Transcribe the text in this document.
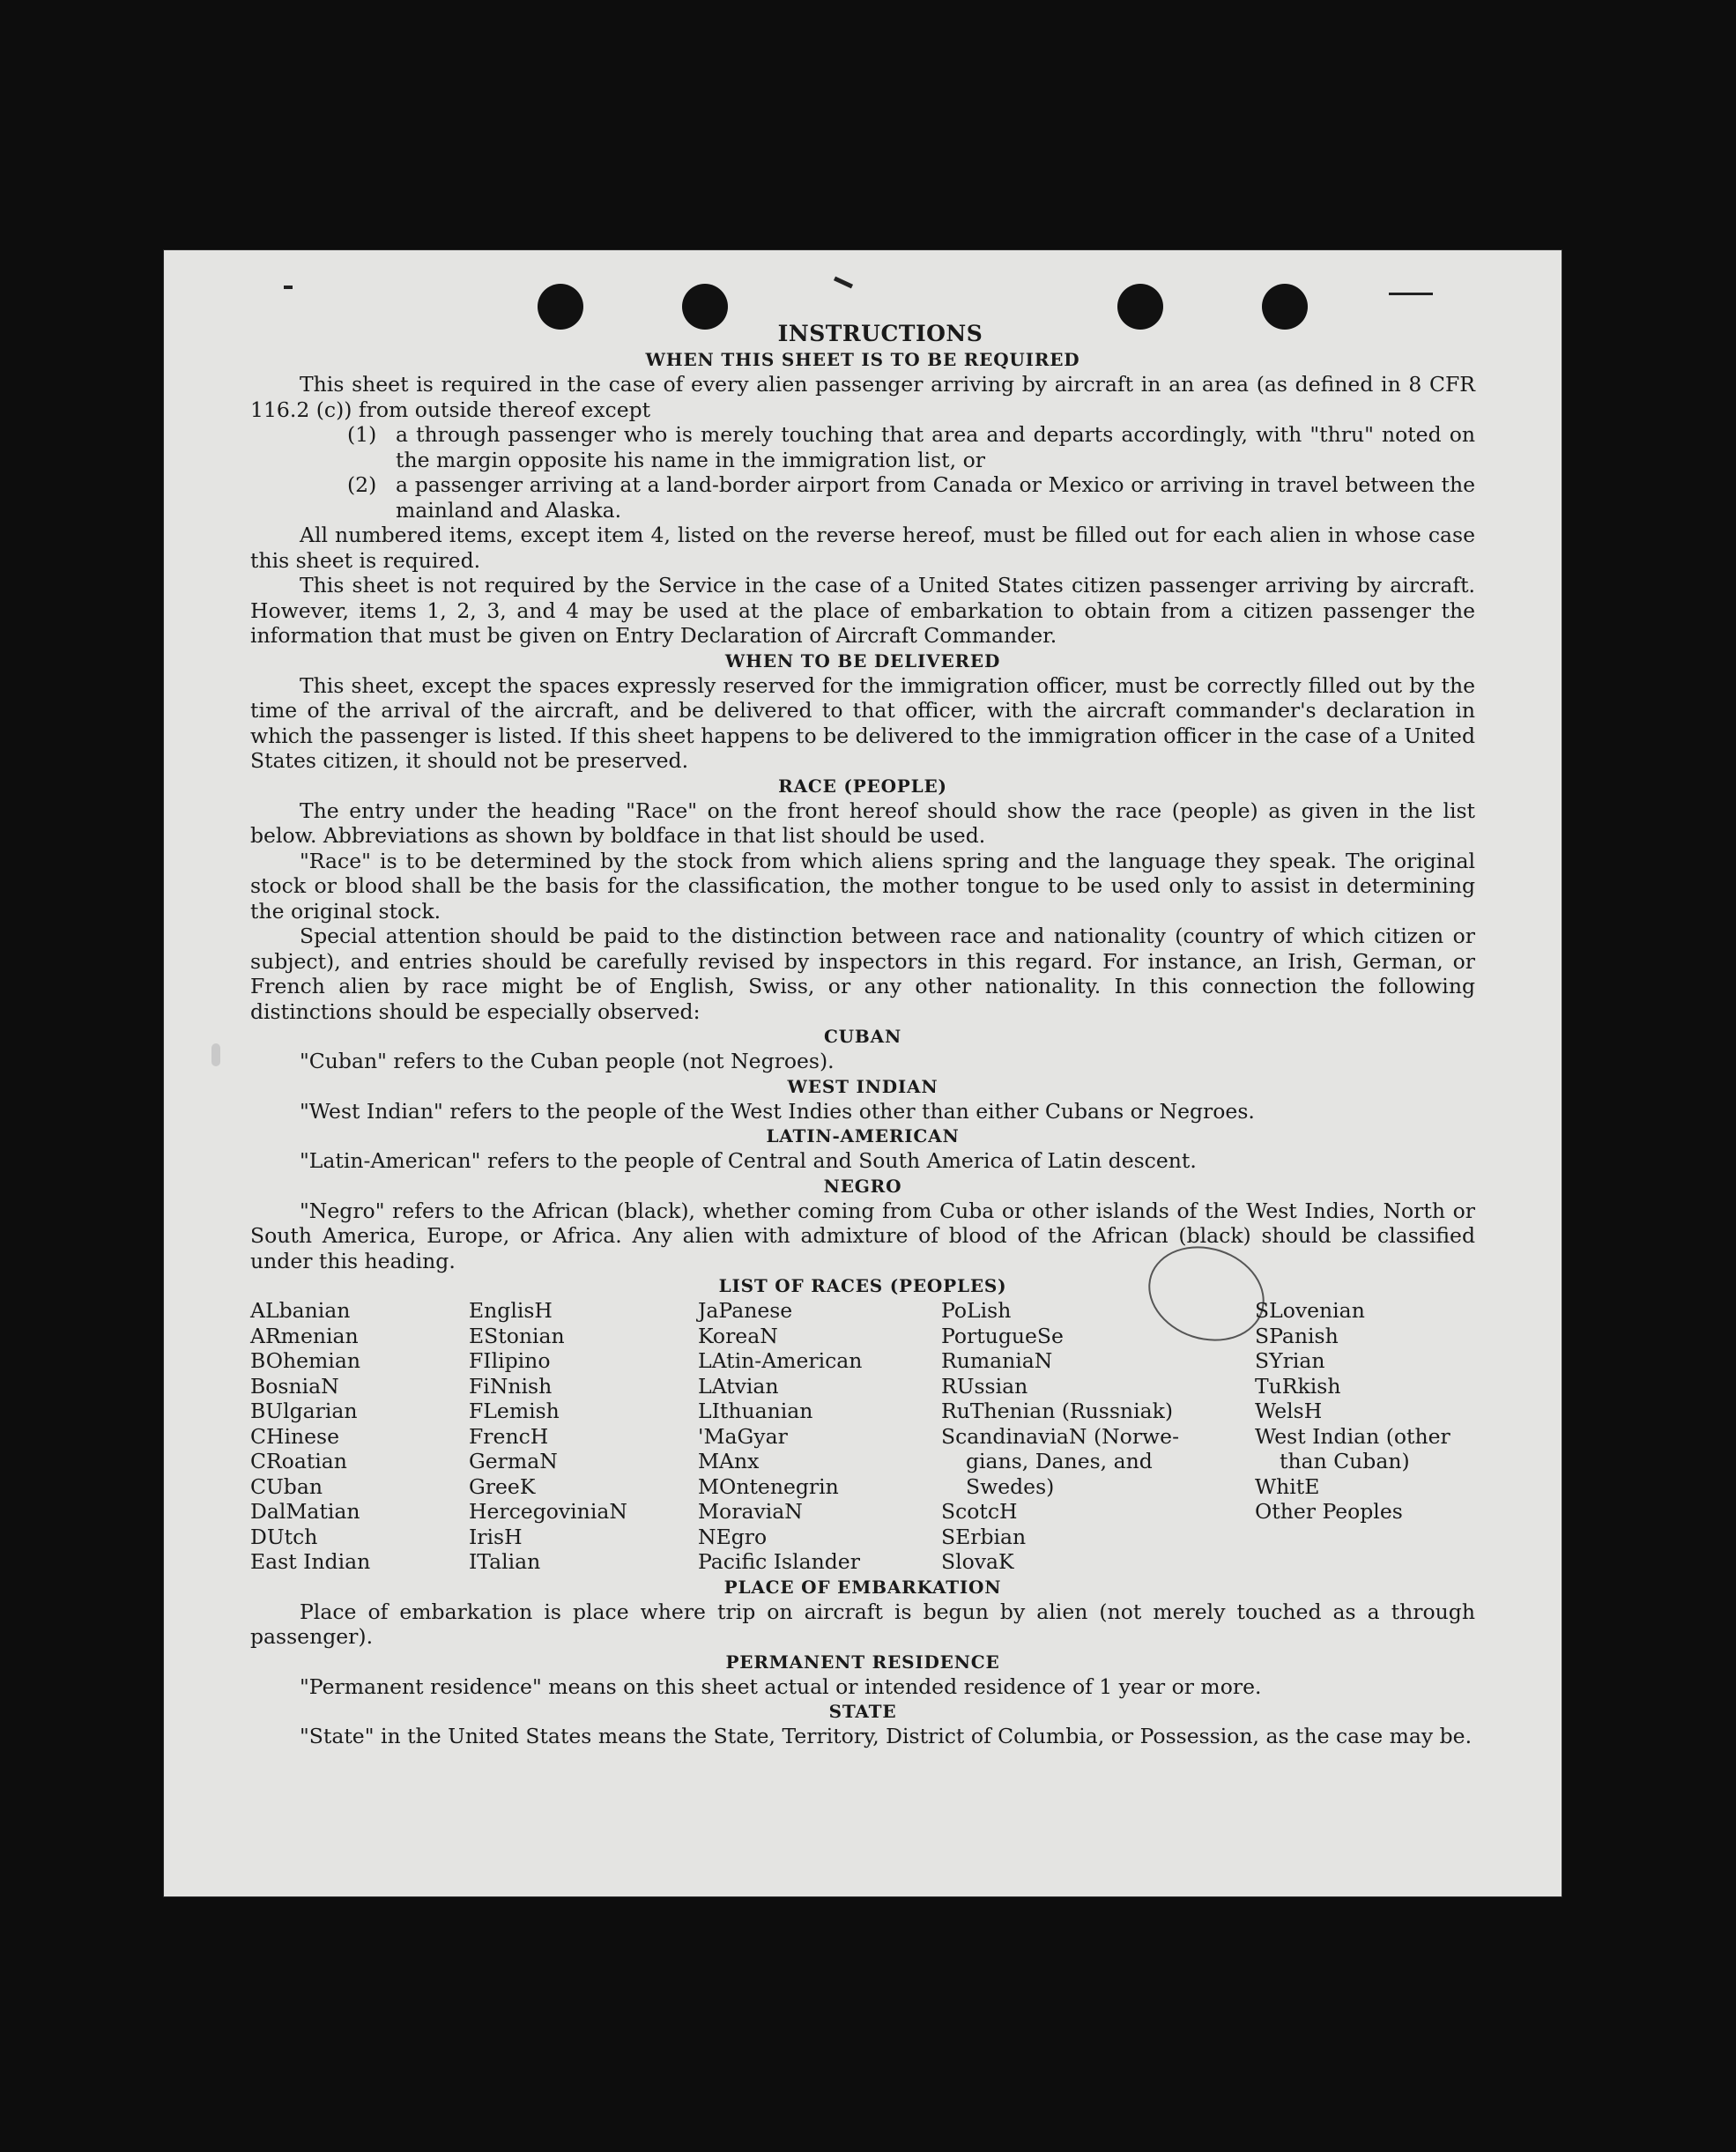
INSTRUCTIONS
WHEN THIS SHEET IS TO BE REQUIRED

This sheet is required in the case of every alien passenger arriving by aircraft in an area (as defined in 8 CFR 116.2 (c)) from outside thereof except

(1) a through passenger who is merely touching that area and departs accordingly, with "thru" noted on the margin opposite his name in the immigration list, or
(2) a passenger arriving at a land-border airport from Canada or Mexico or arriving in travel between the mainland and Alaska.

All numbered items, except item 4, listed on the reverse hereof, must be filled out for each alien in whose case this sheet is required.

This sheet is not required by the Service in the case of a United States citizen passenger arriving by aircraft. However, items 1, 2, 3, and 4 may be used at the place of embarkation to obtain from a citizen passenger the information that must be given on Entry Declaration of Aircraft Commander.

WHEN TO BE DELIVERED

This sheet, except the spaces expressly reserved for the immigration officer, must be correctly filled out by the time of the arrival of the aircraft, and be delivered to that officer, with the aircraft commander's declaration in which the passenger is listed. If this sheet happens to be delivered to the immigration officer in the case of a United States citizen, it should not be preserved.

RACE (PEOPLE)

The entry under the heading "Race" on the front hereof should show the race (people) as given in the list below. Abbreviations as shown by boldface in that list should be used.

"Race" is to be determined by the stock from which aliens spring and the language they speak. The original stock or blood shall be the basis for the classification, the mother tongue to be used only to assist in determining the original stock.

Special attention should be paid to the distinction between race and nationality (country of which citizen or subject), and entries should be carefully revised by inspectors in this regard. For instance, an Irish, German, or French alien by race might be of English, Swiss, or any other nationality. In this connection the following distinctions should be especially observed:

CUBAN

"Cuban" refers to the Cuban people (not Negroes).

WEST INDIAN

"West Indian" refers to the people of the West Indies other than either Cubans or Negroes.

LATIN-AMERICAN

"Latin-American" refers to the people of Central and South America of Latin descent.

NEGRO

"Negro" refers to the African (black), whether coming from Cuba or other islands of the West Indies, North or South America, Europe, or Africa. Any alien with admixture of blood of the African (black) should be classified under this heading.

LIST OF RACES (PEOPLES)
ALbanian
ARmenian
BOhemian
BosniaN
BUlgarian
CHinese
CRoatian
CUban
DalMatian
DUtch
East Indian
EnglisH
EStonian
FIlipino
FiNnish
FLemish
FrencH
GermaN
GreeK
HercegoviniaN
IrisH
ITalian
JaPanese
KoreaN
LAtin-American
LAtvian
LIthuanian
'MaGyar
MAnx
MOntenegrin
MoraviaN
NEgro
Pacific Islander
PoLish
PortugueSe
RumaniaN
RUssian
RuThenian (Russniak)
ScandinaviaN (Norwe-
gians, Danes, and
Swedes)
ScotcH
SErbian
SlovaK
SLovenian
SPanish
SYrian
TuRkish
WelsH
West Indian (other
than Cuban)
WhitE
Other Peoples
PLACE OF EMBARKATION

Place of embarkation is place where trip on aircraft is begun by alien (not merely touched as a through passenger).

PERMANENT RESIDENCE

"Permanent residence" means on this sheet actual or intended residence of 1 year or more.

STATE

"State" in the United States means the State, Territory, District of Columbia, or Possession, as the case may be.
